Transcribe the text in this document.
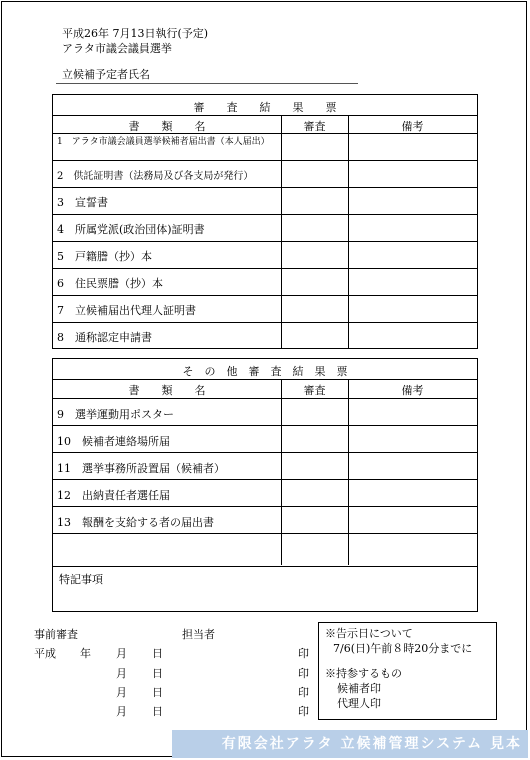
平成26年 7月13日執行(予定)
アラタ市議会議員選挙
立候補予定者氏名
審　　査　　結　　果　　票
書　　類　　名	審査	備考
1　アラタ市議会議員選挙候補者届出書（本人届出）
2　供託証明書（法務局及び各支局が発行）
3　宣誓書
4　所属党派(政治団体)証明書
5　戸籍謄（抄）本
6　住民票謄（抄）本
7　立候補届出代理人証明書
8　通称認定申請書
そ　の　他　審　査　結　果　票
書　　類　　名	審査	備考
9　選挙運動用ポスター
10　候補者連絡場所届
11　選挙事務所設置届（候補者）
12　出納責任者選任届
13　報酬を支給する者の届出書
特記事項
事前審査	担当者
平成 年 月 日	印
月 日	印
月 日	印
月 日	印
※告示日について
7/6(日)午前８時20分までに
※持参するもの
候補者印
代理人印
有限会社アラタ 立候補管理システム 見本
